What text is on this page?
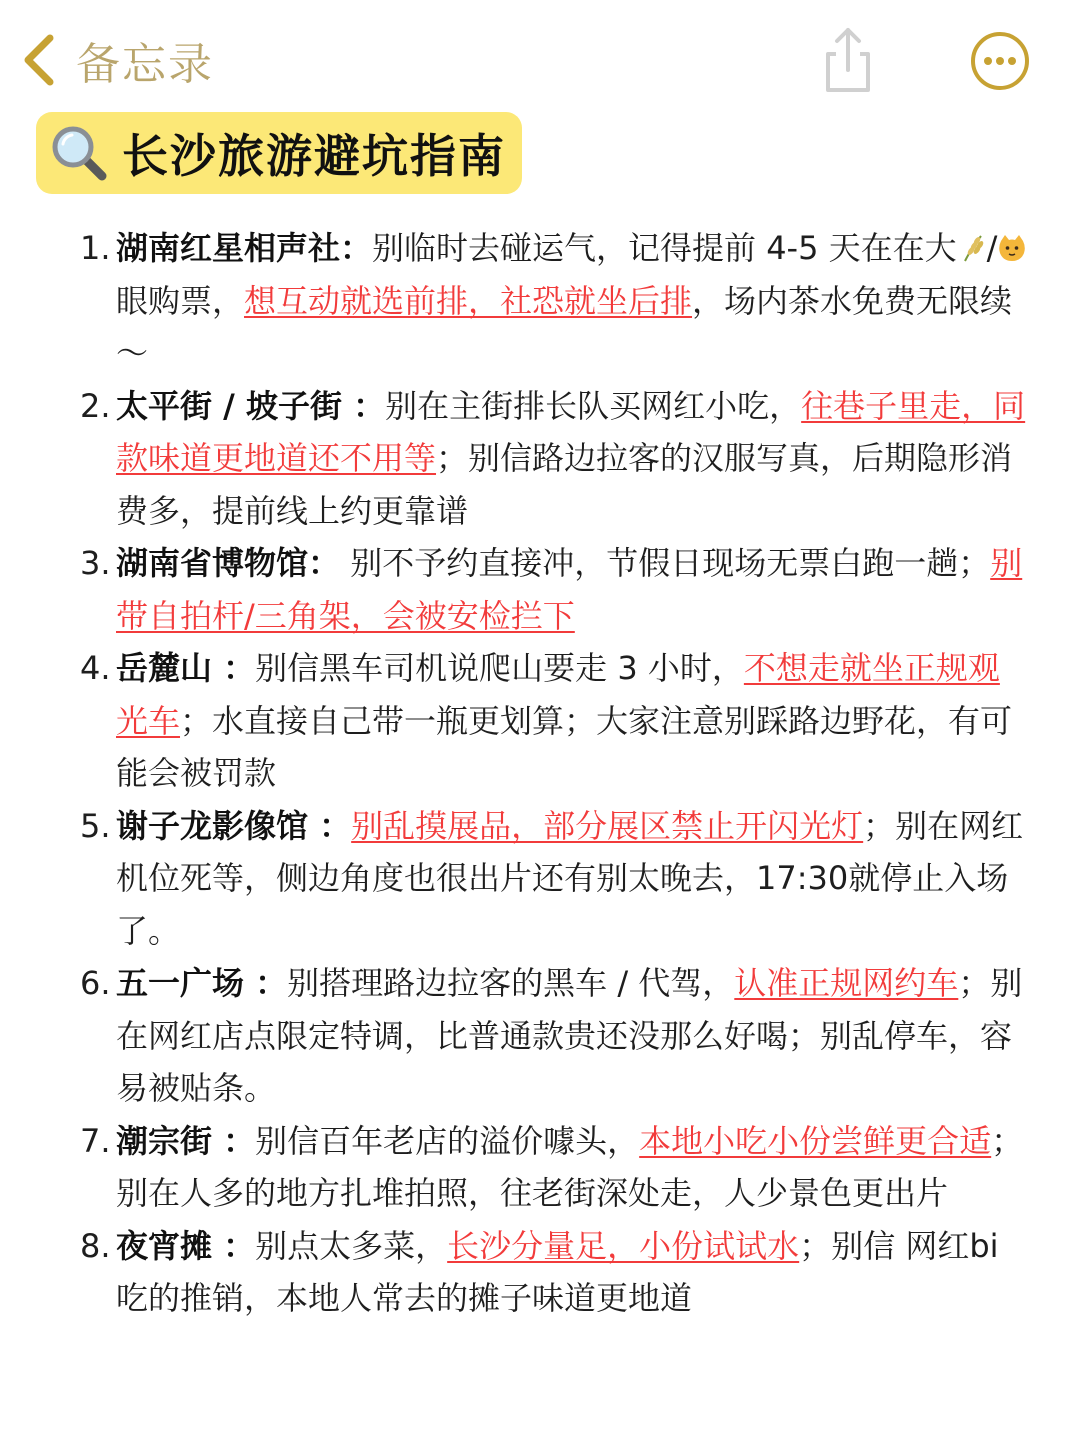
备忘录
长沙旅游避坑指南
1. 湖南红星相声社：别临时去碰运气，记得提前 4-5 天在在大 /眼购票，想互动就选前排，社恐就坐后排，场内茶水免费无限续～
2. 太平街 / 坡子街 ：别在主街排长队买网红小吃，往巷子里走，同款味道更地道还不用等；别信路边拉客的汉服写真，后期隐形消费多，提前线上约更靠谱
3. 湖南省博物馆： 别不予约直接冲，节假日现场无票白跑一趟；别带自拍杆/三角架，会被安检拦下
4. 岳麓山 ：别信黑车司机说爬山要走 3 小时，不想走就坐正规观光车；水直接自己带一瓶更划算；大家注意别踩路边野花，有可能会被罚款
5. 谢子龙影像馆 ：别乱摸展品，部分展区禁止开闪光灯；别在网红机位死等，侧边角度也很出片还有别太晚去，17:30就停止入场了。
6. 五一广场 ：别搭理路边拉客的黑车 / 代驾，认准正规网约车；别在网红店点限定特调，比普通款贵还没那么好喝；别乱停车，容易被贴条。
7. 潮宗街 ：别信百年老店的溢价噱头，本地小吃小份尝鲜更合适；别在人多的地方扎堆拍照，往老街深处走，人少景色更出片
8. 夜宵摊 ：别点太多菜，长沙分量足，小份试试水；别信 网红bi吃的推销，本地人常去的摊子味道更地道
